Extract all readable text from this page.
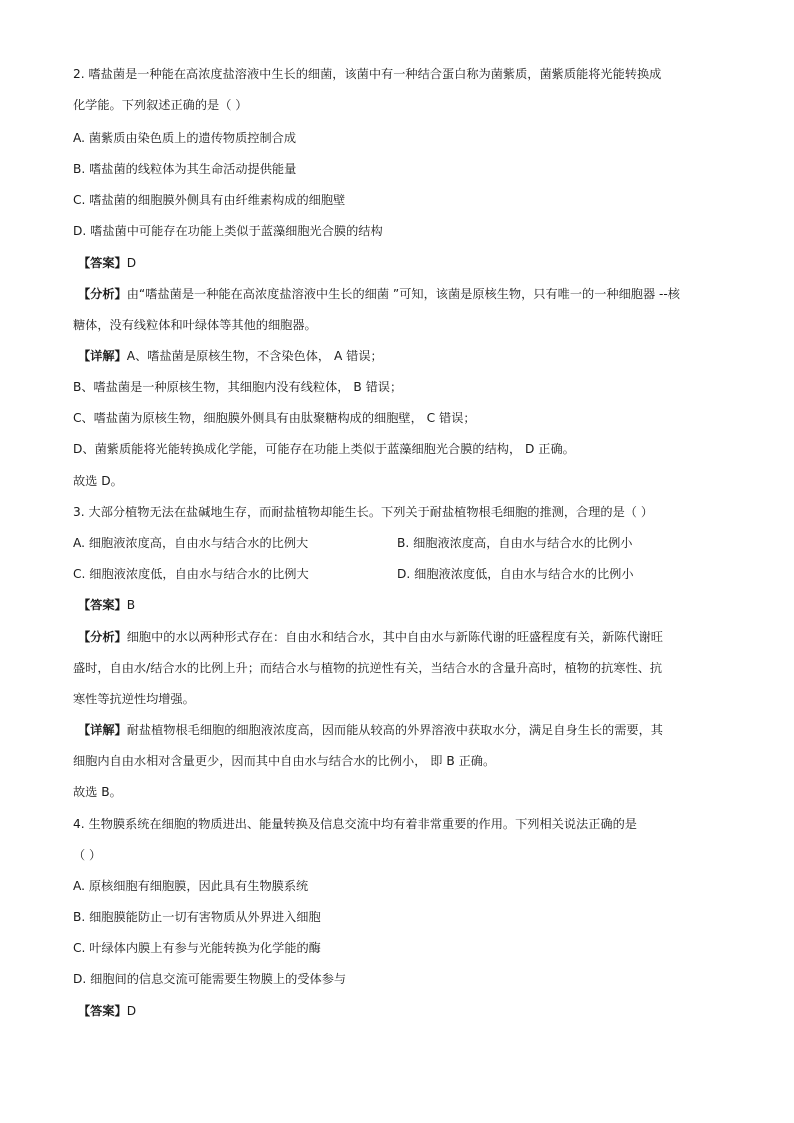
2. 嗜盐菌是一种能在高浓度盐溶液中生长的细菌，该菌中有一种结合蛋白称为菌紫质，菌紫质能将光能转换成
化学能。下列叙述正确的是（ ）
A. 菌紫质由染色质上的遗传物质控制合成
B. 嗜盐菌的线粒体为其生命活动提供能量
C. 嗜盐菌的细胞膜外侧具有由纤维素构成的细胞壁
D. 嗜盐菌中可能存在功能上类似于蓝藻细胞光合膜的结构
【答案】D
【分析】由“嗜盐菌是一种能在高浓度盐溶液中生长的细菌 ”可知，该菌是原核生物，只有唯一的一种细胞器 --核
糖体，没有线粒体和叶绿体等其他的细胞器。
【详解】A、嗜盐菌是原核生物，不含染色体， A 错误；
B、嗜盐菌是一种原核生物，其细胞内没有线粒体， B 错误；
C、嗜盐菌为原核生物，细胞膜外侧具有由肽聚糖构成的细胞壁， C 错误；
D、菌紫质能将光能转换成化学能，可能存在功能上类似于蓝藻细胞光合膜的结构， D 正确。
故选 D。
3. 大部分植物无法在盐碱地生存，而耐盐植物却能生长。下列关于耐盐植物根毛细胞的推测，合理的是（ ）
A. 细胞液浓度高，自由水与结合水的比例大	B. 细胞液浓度高，自由水与结合水的比例小
C. 细胞液浓度低，自由水与结合水的比例大	D. 细胞液浓度低，自由水与结合水的比例小
【答案】B
【分析】细胞中的水以两种形式存在：自由水和结合水，其中自由水与新陈代谢的旺盛程度有关，新陈代谢旺
盛时，自由水/结合水的比例上升；而结合水与植物的抗逆性有关，当结合水的含量升高时，植物的抗寒性、抗
寒性等抗逆性均增强。
【详解】耐盐植物根毛细胞的细胞液浓度高，因而能从较高的外界溶液中获取水分，满足自身生长的需要，其
细胞内自由水相对含量更少，因而其中自由水与结合水的比例小， 即 B 正确。
故选 B。
4. 生物膜系统在细胞的物质进出、能量转换及信息交流中均有着非常重要的作用。下列相关说法正确的是
（ ）
A. 原核细胞有细胞膜，因此具有生物膜系统
B. 细胞膜能防止一切有害物质从外界进入细胞
C. 叶绿体内膜上有参与光能转换为化学能的酶
D. 细胞间的信息交流可能需要生物膜上的受体参与
【答案】D
